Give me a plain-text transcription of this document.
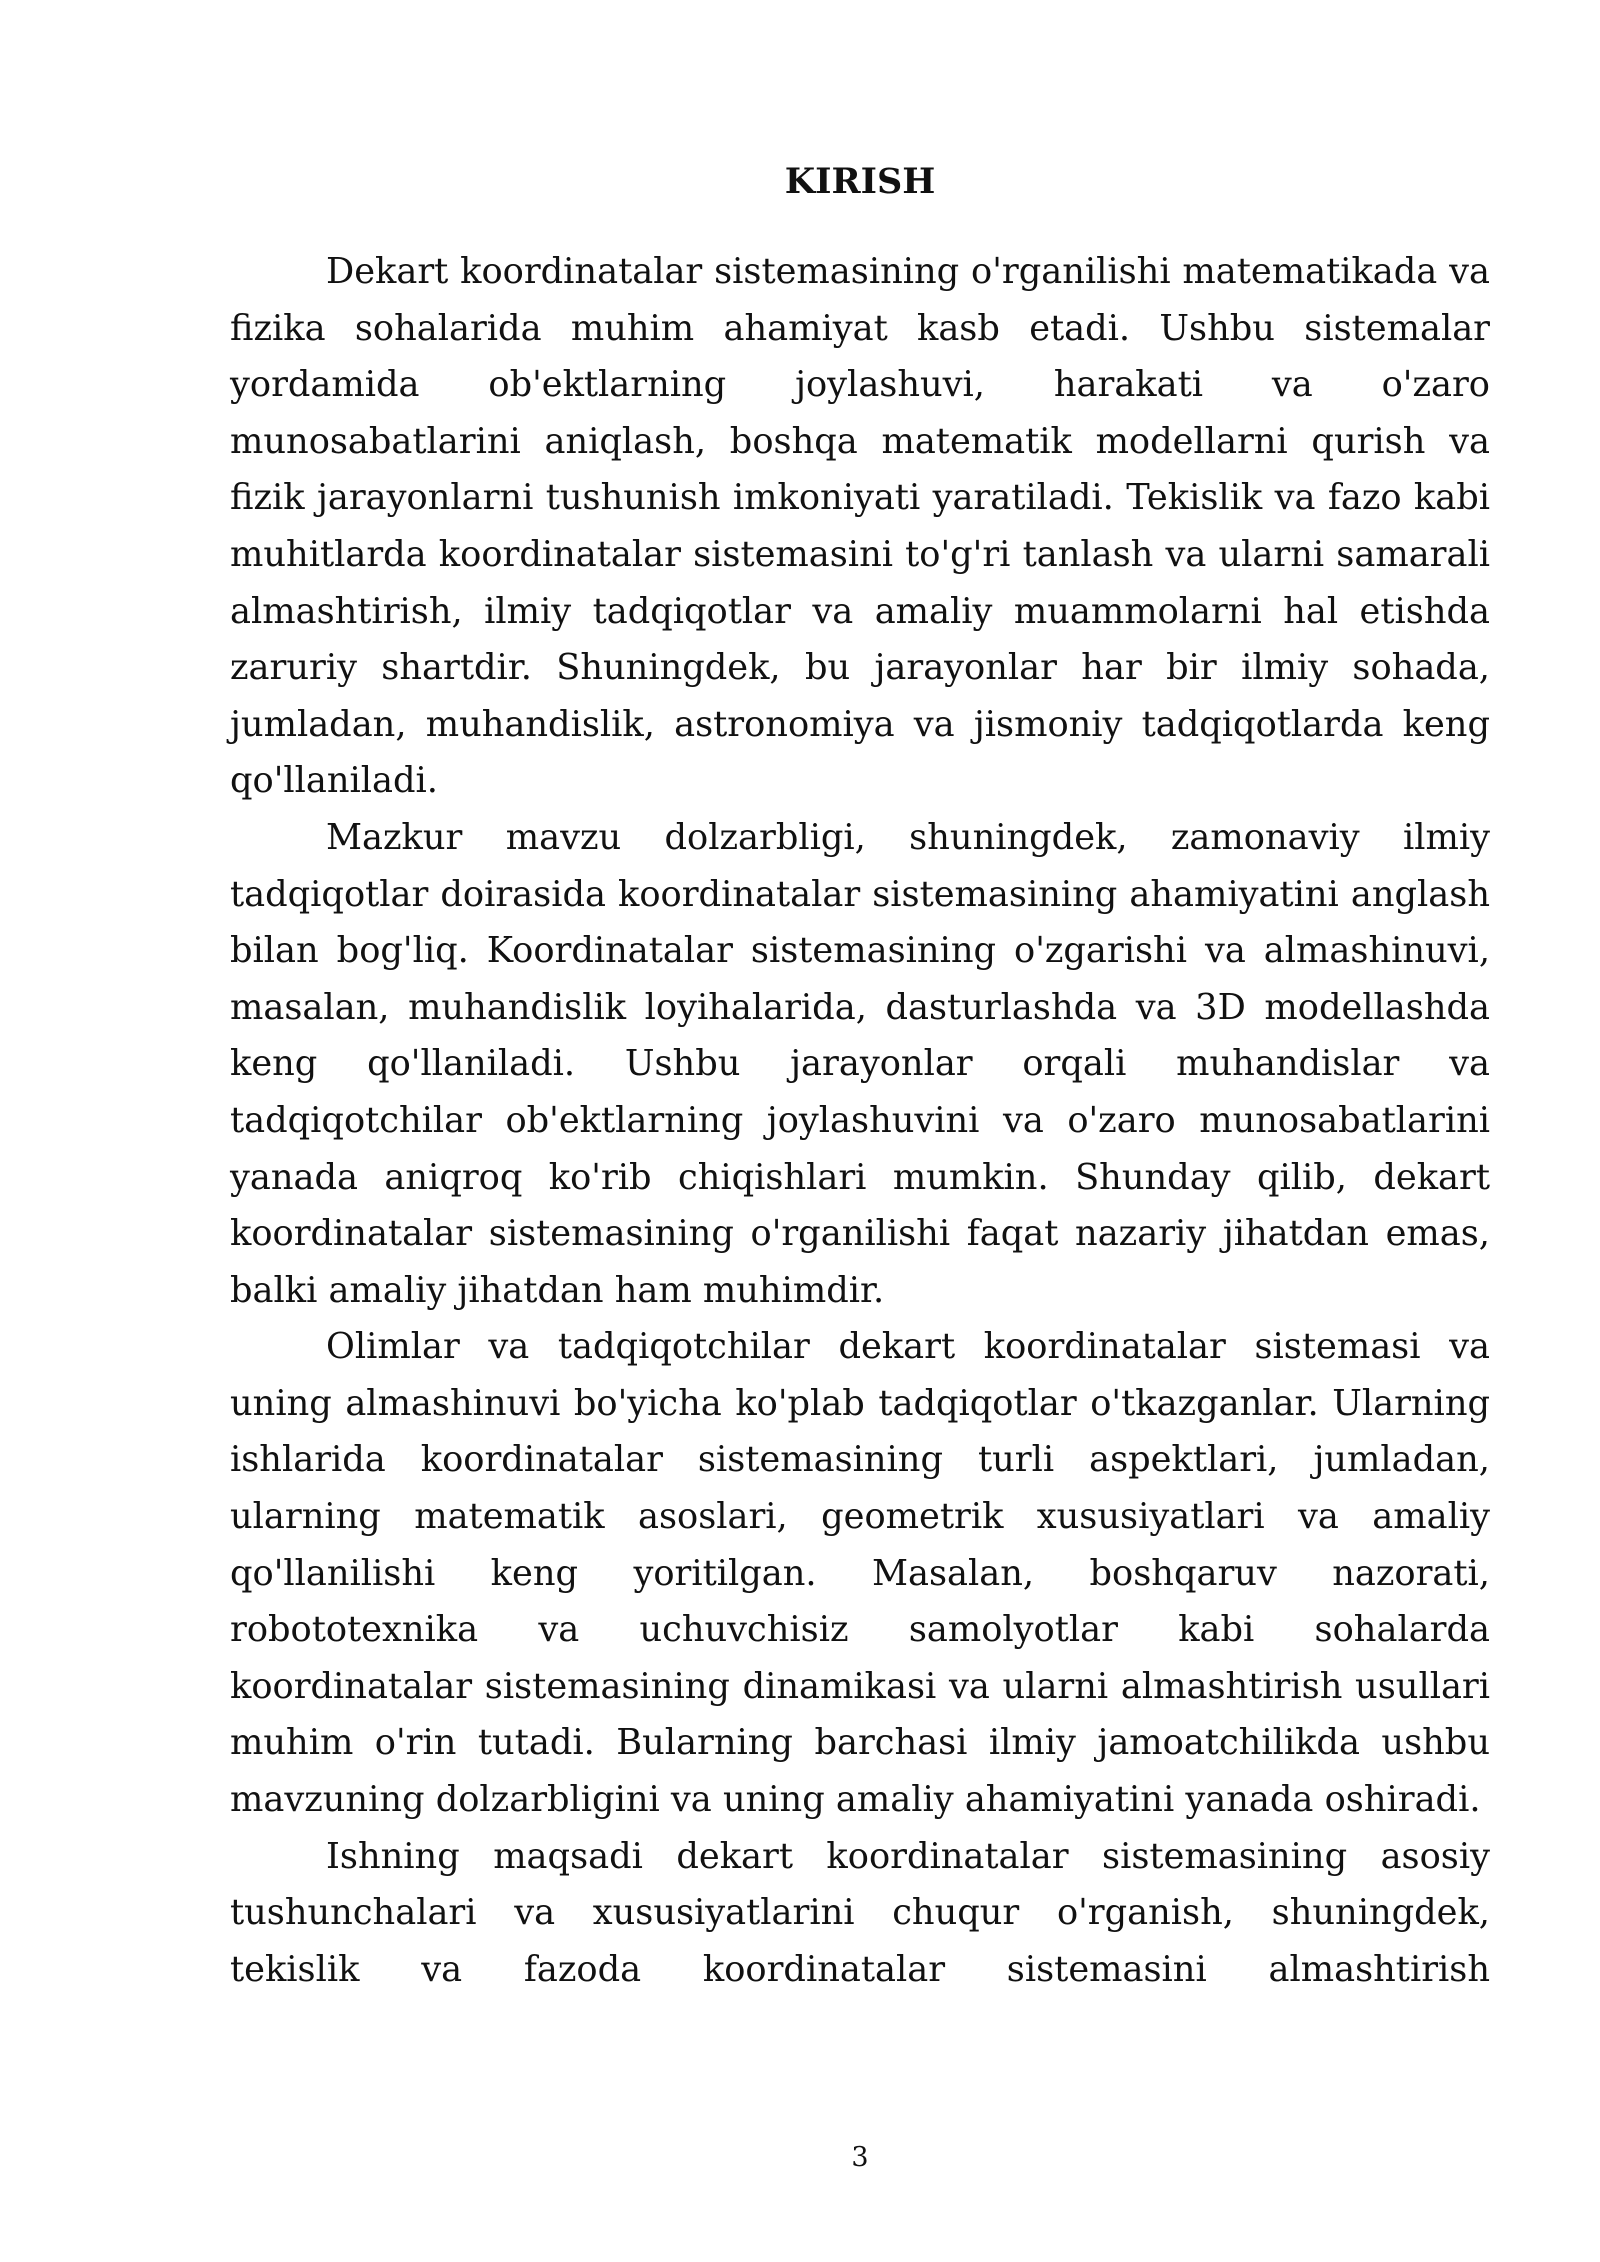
KIRISH

Dekart koordinatalar sistemasining o'rganilishi matematikada va fizika sohalarida muhim ahamiyat kasb etadi. Ushbu sistemalar yordamida ob'ektlarning joylashuvi, harakati va o'zaro munosabatlarini aniqlash, boshqa matematik modellarni qurish va fizik jarayonlarni tushunish imkoniyati yaratiladi. Tekislik va fazo kabi muhitlarda koordinatalar sistemasini to'g'ri tanlash va ularni samarali almashtirish, ilmiy tadqiqotlar va amaliy muammolarni hal etishda zaruriy shartdir. Shuningdek, bu jarayonlar har bir ilmiy sohada, jumladan, muhandislik, astronomiya va jismoniy tadqiqotlarda keng qo'llaniladi.

Mazkur mavzu dolzarbligi, shuningdek, zamonaviy ilmiy tadqiqotlar doirasida koordinatalar sistemasining ahamiyatini anglash bilan bog'liq. Koordinatalar sistemasining o'zgarishi va almashinuvi, masalan, muhandislik loyihalarida, dasturlashda va 3D modellashda keng qo'llaniladi. Ushbu jarayonlar orqali muhandislar va tadqiqotchilar ob'ektlarning joylashuvini va o'zaro munosabatlarini yanada aniqroq ko'rib chiqishlari mumkin. Shunday qilib, dekart koordinatalar sistemasining o'rganilishi faqat nazariy jihatdan emas, balki amaliy jihatdan ham muhimdir.

Olimlar va tadqiqotchilar dekart koordinatalar sistemasi va uning almashinuvi bo'yicha ko'plab tadqiqotlar o'tkazganlar. Ularning ishlarida koordinatalar sistemasining turli aspektlari, jumladan, ularning matematik asoslari, geometrik xususiyatlari va amaliy qo'llanilishi keng yoritilgan. Masalan, boshqaruv nazorati, robototexnika va uchuvchisiz samolyotlar kabi sohalarda koordinatalar sistemasining dinamikasi va ularni almashtirish usullari muhim o'rin tutadi. Bularning barchasi ilmiy jamoatchilikda ushbu mavzuning dolzarbligini va uning amaliy ahamiyatini yanada oshiradi.

Ishning maqsadi dekart koordinatalar sistemasining asosiy tushunchalari va xususiyatlarini chuqur o'rganish, shuningdek, tekislik va fazoda koordinatalar sistemasini almashtirish

3
